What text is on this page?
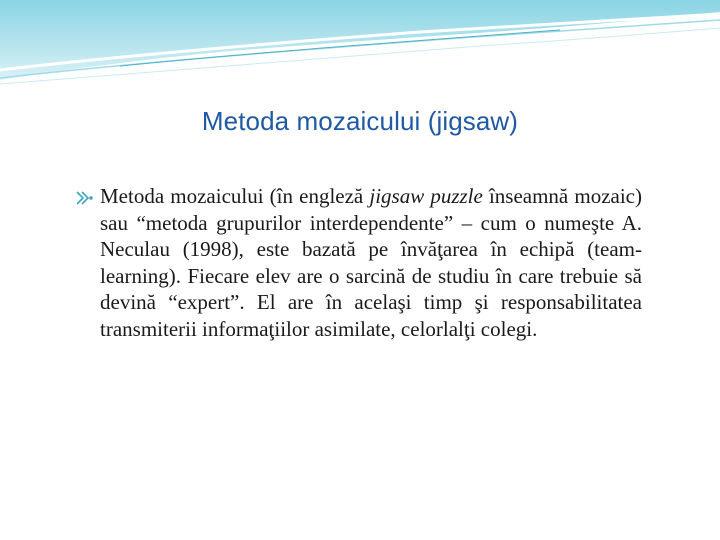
Metoda mozaicului (jigsaw)
Metoda mozaicului (în engleză jigsaw puzzle înseamnă mozaic) sau “metoda grupurilor interdependente” – cum o numeşte A. Neculau (1998), este bazată pe învăţarea în echipă (team-learning). Fiecare elev are o sarcină de studiu în care trebuie să devină “expert”. El are în acelaşi timp şi responsabilitatea transmiterii informaţiilor asimilate, celorlalţi colegi.
